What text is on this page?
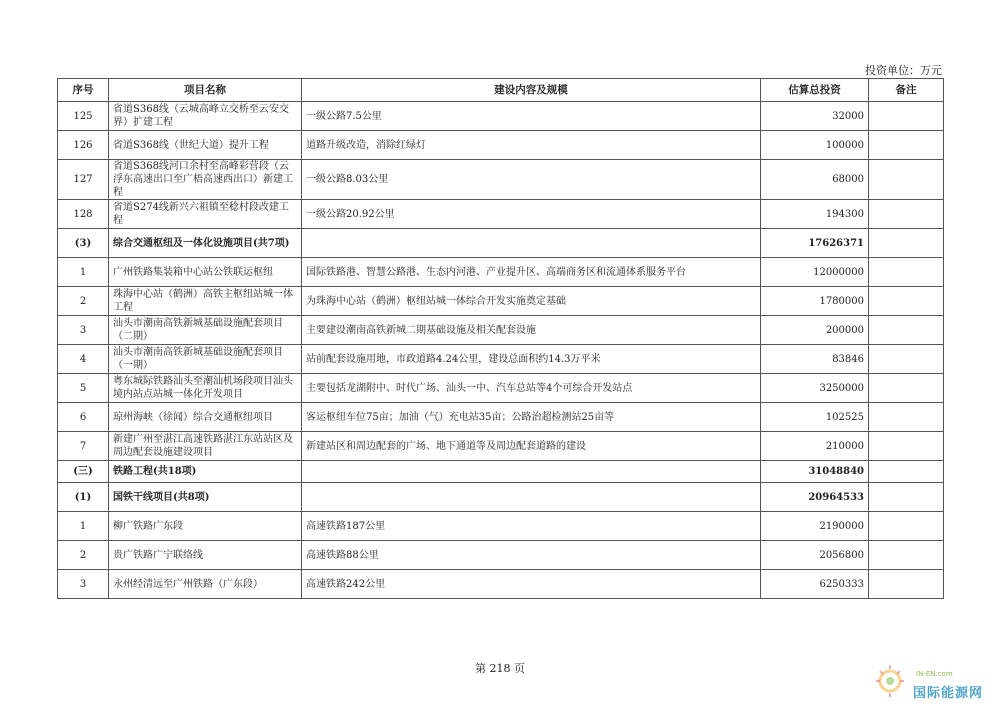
投资单位：万元
序号	项目名称	建设内容及规模	估算总投资	备注
125	省道S368线（云城高峰立交桥至云安交界）扩建工程	一级公路7.5公里	32000	
126	省道S368线（世纪大道）提升工程	道路升级改造，消除红绿灯	100000	
127	省道S368线河口余村至高峰彩营段（云浮东高速出口至广梧高速西出口）新建工程	一级公路8.03公里	68000	
128	省道S274线新兴六祖镇至稔村段改建工程	一级公路20.92公里	194300	
(3)	综合交通枢纽及一体化设施项目(共7项)		17626371	
1	广州铁路集装箱中心站公铁联运枢纽	国际铁路港、智慧公路港、生态内河港、产业提升区、高端商务区和流通体系服务平台	12000000	
2	珠海中心站（鹤洲）高铁主枢纽站城一体工程	为珠海中心站（鹤洲）枢纽站城一体综合开发实施奠定基础	1780000	
3	汕头市潮南高铁新城基础设施配套项目（二期）	主要建设潮南高铁新城二期基础设施及相关配套设施	200000	
4	汕头市潮南高铁新城基础设施配套项目（一期）	站前配套设施用地，市政道路4.24公里，建设总面积约14.3万平米	83846	
5	粤东城际铁路汕头至潮汕机场段项目汕头境内站点站城一体化开发项目	主要包括龙湖附中、时代广场、汕头一中、汽车总站等4个可综合开发站点	3250000	
6	琼州海峡（徐闻）综合交通枢纽项目	客运枢纽车位75亩；加油（气）充电站35亩；公路治超检测站25亩等	102525	
7	新建广州至湛江高速铁路湛江东站站区及周边配套设施建设项目	新建站区和周边配套的广场、地下通道等及周边配套道路的建设	210000	
(三)	铁路工程(共18项)		31048840	
(1)	国铁干线项目(共8项)		20964533	
1	柳广铁路广东段	高速铁路187公里	2190000	
2	贵广铁路广宁联络线	高速铁路88公里	2056800	
3	永州经清远至广州铁路（广东段）	高速铁路242公里	6250333	
第 218 页	IN-EN.com
国际能源网
